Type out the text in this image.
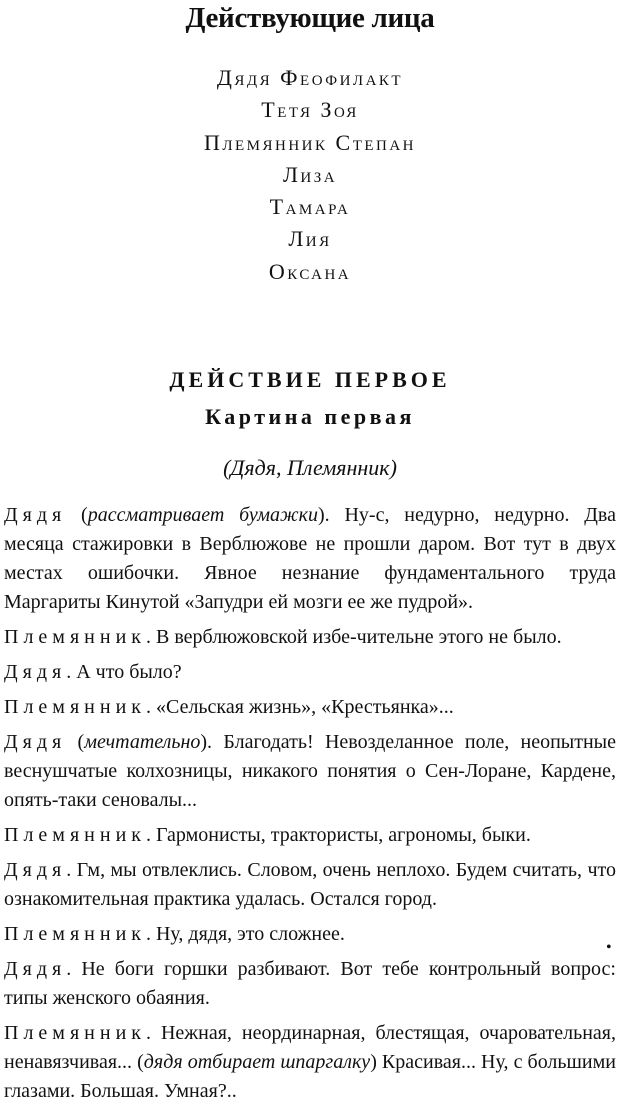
Действующие лица
Дядя Феофилакт
Тетя Зоя
Племянник Степан
Лиза
Тамара
Лия
Оксана
ДЕЙСТВИЕ ПЕРВОЕ
Картина первая
(Дядя, Племянник)
Дядя (рассматривает бумажки). Ну-с, недурно, недурно. Два месяца стажировки в Верблюжове не прошли даром. Вот тут в двух местах ошибочки. Явное незнание фундаментального труда Маргариты Кинутой «Запудри ей мозги ее же пудрой».
Племянник. В верблюжовской избе-чительне этого не было.
Дядя. А что было?
Племянник. «Сельская жизнь», «Крестьянка»...
Дядя (мечтательно). Благодать! Невозделанное поле, неопытные веснушчатые колхозницы, никакого понятия о Сен-Лоране, Кардене, опять-таки сеновалы...
Племянник. Гармонисты, трактористы, агрономы, быки.
Дядя. Гм, мы отвлеклись. Словом, очень неплохо. Будем считать, что ознакомительная практика удалась. Остался город.
Племянник. Ну, дядя, это сложнее.
Дядя. Не боги горшки разбивают. Вот тебе контрольный вопрос: типы женского обаяния.
Племянник. Нежная, неординарная, блестящая, очаровательная, ненавязчивая... (дядя отбирает шпаргалку) Красивая... Ну, с большими глазами. Большая. Умная?..
•
